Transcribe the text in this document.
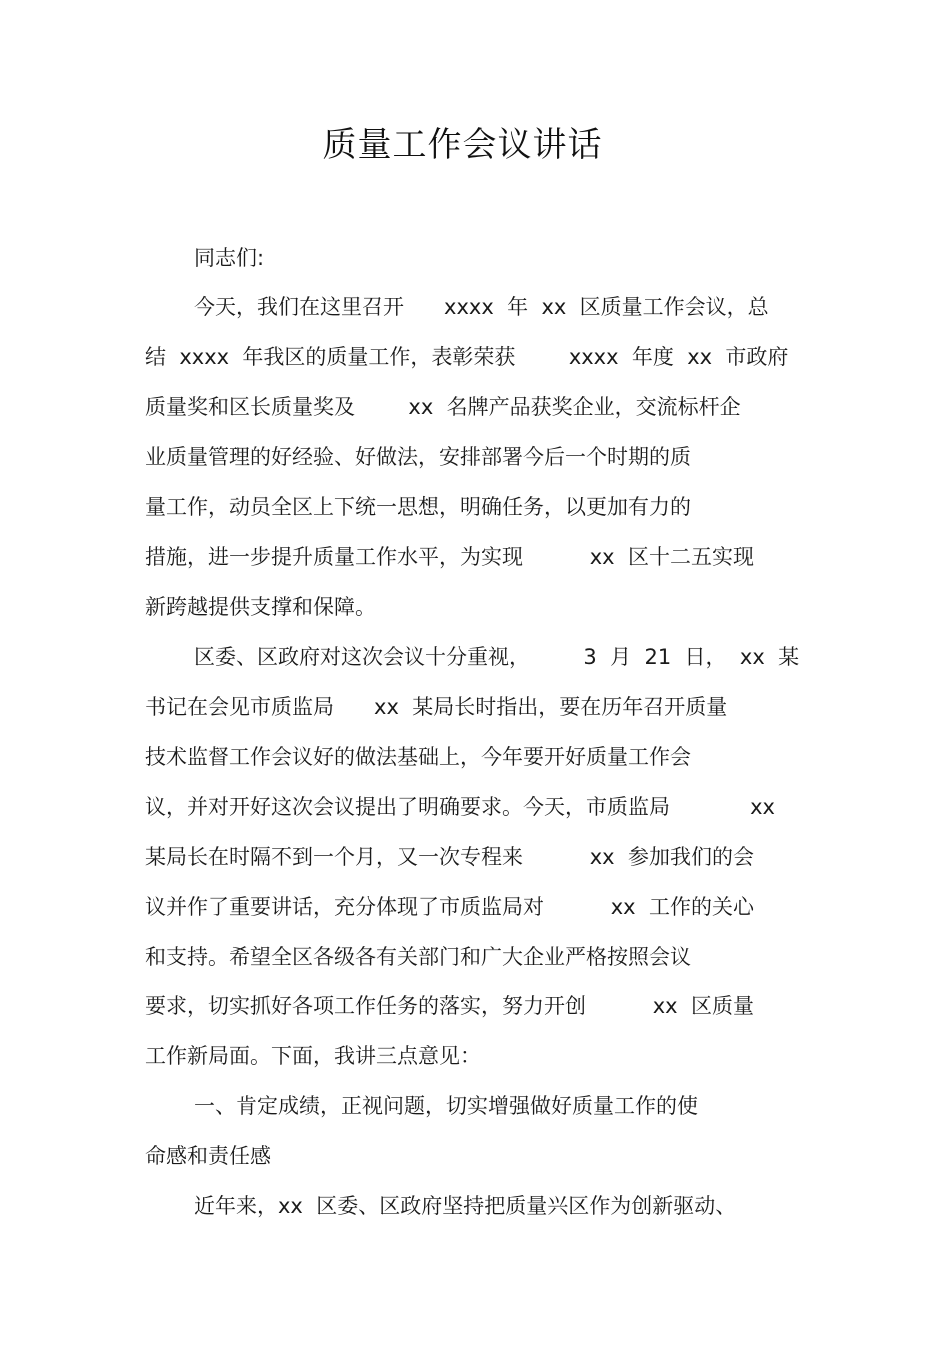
质量工作会议讲话
同志们:
今天，我们在这里召开      xxxx  年  xx  区质量工作会议，总
结  xxxx  年我区的质量工作，表彰荣获        xxxx  年度  xx  市政府
质量奖和区长质量奖及        xx  名牌产品获奖企业，交流标杆企
业质量管理的好经验、好做法，安排部署今后一个时期的质
量工作，动员全区上下统一思想，明确任务，以更加有力的
措施，进一步提升质量工作水平，为实现          xx  区十二五实现
新跨越提供支撑和保障。
区委、区政府对这次会议十分重视，        3  月  21  日，  xx  某
书记在会见市质监局      xx  某局长时指出，要在历年召开质量
技术监督工作会议好的做法基础上，今年要开好质量工作会
议，并对开好这次会议提出了明确要求。今天，市质监局            xx
某局长在时隔不到一个月，又一次专程来          xx  参加我们的会
议并作了重要讲话，充分体现了市质监局对          xx  工作的关心
和支持。希望全区各级各有关部门和广大企业严格按照会议
要求，切实抓好各项工作任务的落实，努力开创          xx  区质量
工作新局面。下面，我讲三点意见：
一、肯定成绩，正视问题，切实增强做好质量工作的使
命感和责任感
近年来，xx  区委、区政府坚持把质量兴区作为创新驱动、
